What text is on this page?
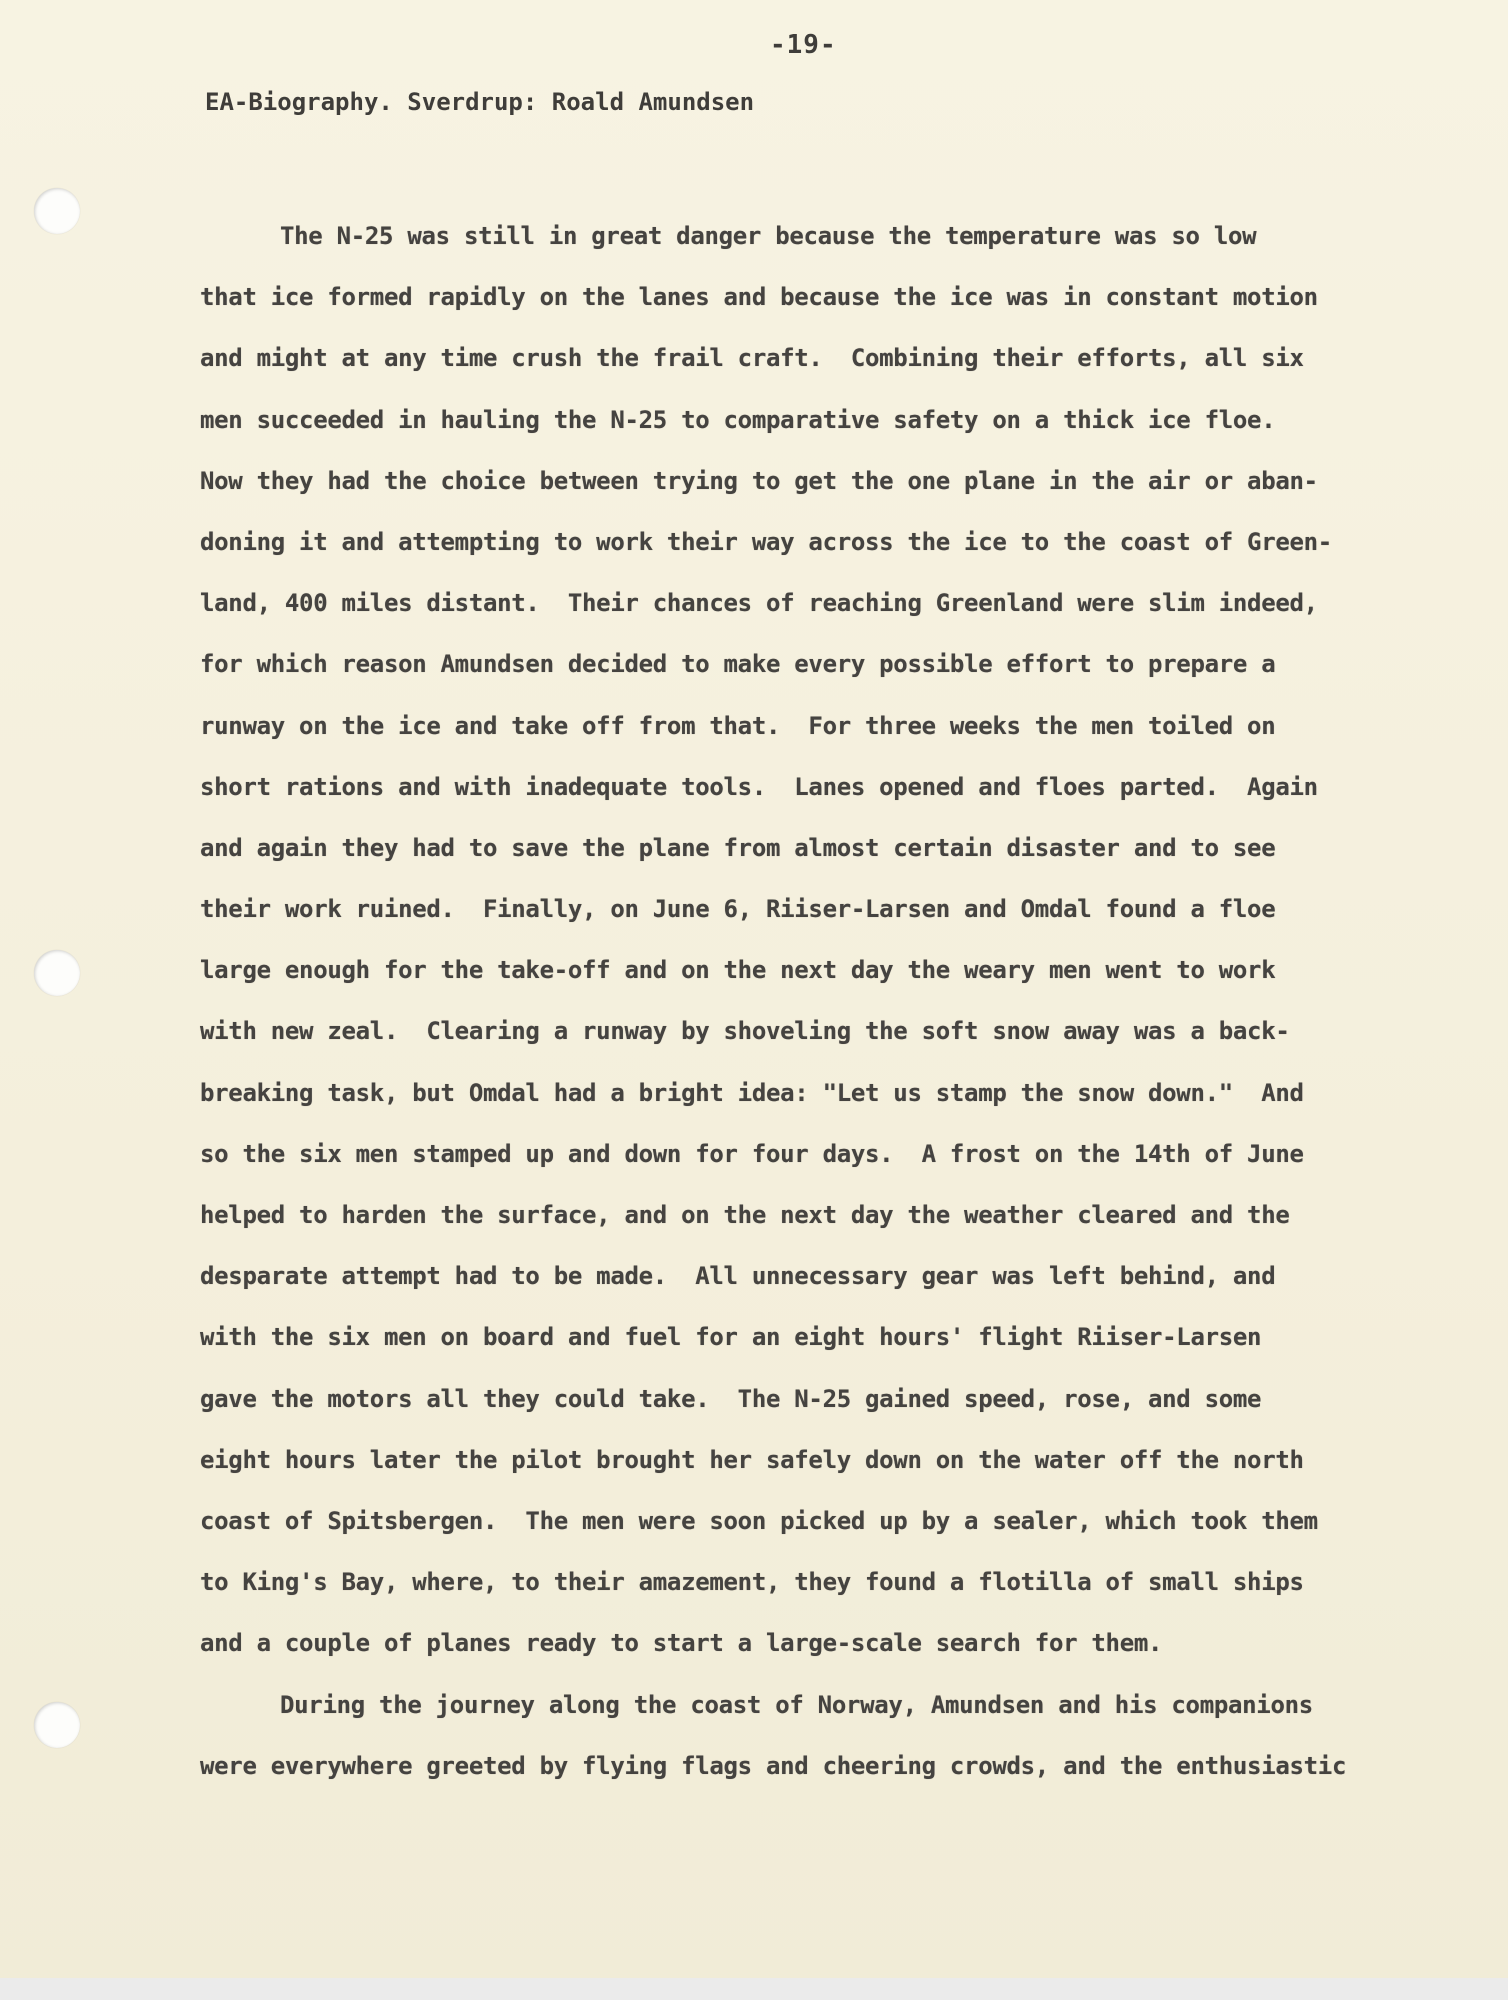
-19-
EA-Biography. Sverdrup: Roald Amundsen
The N-25 was still in great danger because the temperature was so low
that ice formed rapidly on the lanes and because the ice was in constant motion
and might at any time crush the frail craft.  Combining their efforts, all six
men succeeded in hauling the N-25 to comparative safety on a thick ice floe.
Now they had the choice between trying to get the one plane in the air or aban-
doning it and attempting to work their way across the ice to the coast of Green-
land, 400 miles distant.  Their chances of reaching Greenland were slim indeed,
for which reason Amundsen decided to make every possible effort to prepare a
runway on the ice and take off from that.  For three weeks the men toiled on
short rations and with inadequate tools.  Lanes opened and floes parted.  Again
and again they had to save the plane from almost certain disaster and to see
their work ruined.  Finally, on June 6, Riiser-Larsen and Omdal found a floe
large enough for the take-off and on the next day the weary men went to work
with new zeal.  Clearing a runway by shoveling the soft snow away was a back-
breaking task, but Omdal had a bright idea: "Let us stamp the snow down."  And
so the six men stamped up and down for four days.  A frost on the 14th of June
helped to harden the surface, and on the next day the weather cleared and the
desparate attempt had to be made.  All unnecessary gear was left behind, and
with the six men on board and fuel for an eight hours' flight Riiser-Larsen
gave the motors all they could take.  The N-25 gained speed, rose, and some
eight hours later the pilot brought her safely down on the water off the north
coast of Spitsbergen.  The men were soon picked up by a sealer, which took them
to King's Bay, where, to their amazement, they found a flotilla of small ships
and a couple of planes ready to start a large-scale search for them.
During the journey along the coast of Norway, Amundsen and his companions
were everywhere greeted by flying flags and cheering crowds, and the enthusiastic
